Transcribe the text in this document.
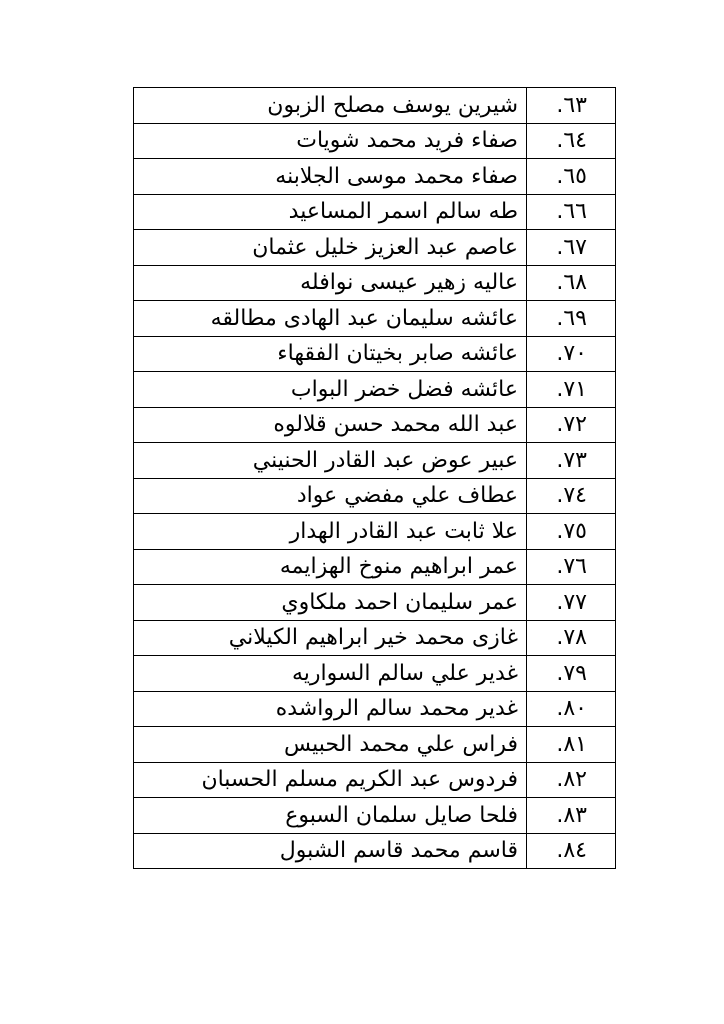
٦٣.	شيرين يوسف مصلح الزبون
٦٤.	صفاء فريد محمد شويات
٦٥.	صفاء محمد موسى الجلابنه
٦٦.	طه سالم اسمر المساعيد
٦٧.	عاصم عبد العزيز خليل عثمان
٦٨.	عاليه زهير عيسى نوافله
٦٩.	عائشه سليمان عبد الهادى مطالقه
٧٠.	عائشه صابر بخيتان الفقهاء
٧١.	عائشه فضل خضر البواب
٧٢.	عبد الله محمد حسن قلالوه
٧٣.	عبير عوض عبد القادر الحنيني
٧٤.	عطاف علي مفضي عواد
٧٥.	علا ثابت عبد القادر الهدار
٧٦.	عمر ابراهيم منوخ الهزايمه
٧٧.	عمر سليمان احمد ملكاوي
٧٨.	غازى محمد خير ابراهيم الكيلاني
٧٩.	غدير علي سالم السواريه
٨٠.	غدير محمد سالم الرواشده
٨١.	فراس علي محمد الحبيس
٨٢.	فردوس عبد الكريم مسلم الحسبان
٨٣.	فلحا صايل سلمان السبوع
٨٤.	قاسم محمد قاسم الشبول
